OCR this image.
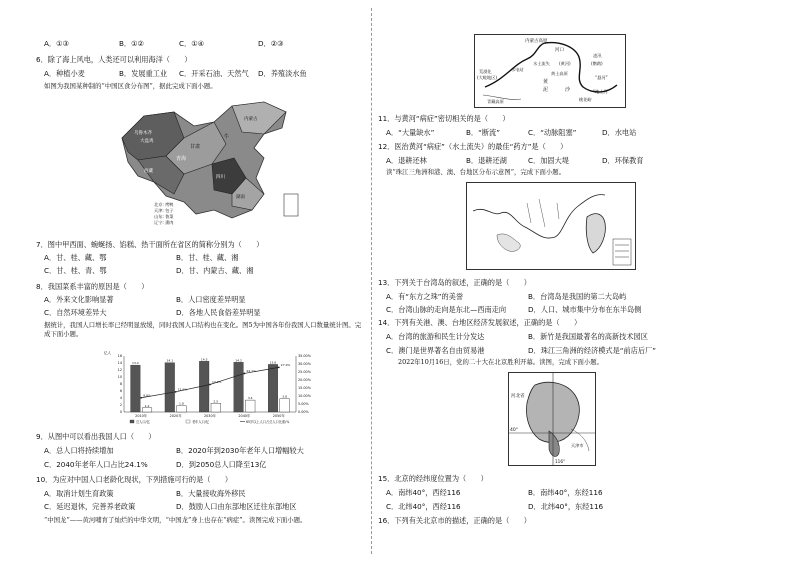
A．①③	B．①②	C．①④	D．②③
6．除了海上风电，人类还可以利用海洋（　　）
A．种植小麦	B．发展重工业 C．开采石油、天然气 D．养殖淡水鱼
如图为我国某种制的“中国区食分布图”，据此完成下面小题。
乌鲁木齐
大盘鸡
甘肃
牛
青海
西藏
四川
湖南
内蒙古
北京: 烤鸭
天津: 包子
山东: 鲁菜
辽宁: 熏肉
7．图中甲西面、蜿蜒扬、馅糕、热干面所在省区的简称分别为（　　）
A．甘、桂、藏、鄂	B．甘、桂、藏、湘
C．甘、桂、青、鄂	D．甘、内蒙古、藏、湘
8．我国菜系丰富的原因是（　　）
A．外来文化影响显著	B．人口密度差异明显
C．自然环境差异大	D．各地人民食俗差异明显
据统计，我国人口增长率已经明显放缓，同时我国人口结构也在变化。图5为中国各年份我国人口数量统计图。完成下面小题。
亿人
0
2
4
6
8
10
12
14
16
0.00%
5.00%
10.00%
15.00%
20.00%
25.00%
30.00%
35.00%
13.4
1.2
2010年
14.1
1.8
2020年
14.5
2.5
2030年
14.2
3.4
2040年
13.6
3.8
2050年
8.9%
12.6%
17.2%
24.1%
27.9%
总人口/亿	老年人口/亿	65岁以上人口占总人口比重/%
9．从图中可以看出我国人口（　　）
A．总人口将持续增加	B．2020年到2030年老年人口增幅较大
C．2040年老年人口占比24.1%	D．到2050总人口降至13亿
10．为应对中国人口老龄化现状，下列措施可行的是（　　）
A．取消计划生育政策	B．大量接收海外移民
C．延迟退休，完善养老政策	D．鼓励人口由东部地区迁往东部地区
“中国龙”——黄河哺育了灿烂的中华文明，“中国龙”身上也存在“病症”。读图完成下面小题。
内蒙古高原
河口
水土流失 (黄河)
黄土高原
桃花峪
“悬河”
“地上河”
荒漠化
(大畦地区)
青藏高原
水电站
黄
泥	沙
凌汛
(鹦鹉)
11．与黄河“病症”密切相关的是（　　）
A．“大量缺水”	B．“断流”	C．“动脉阻塞”	D．水电站
12．医治黄河“病症”（水土流失）的最佳“药方”是（　　）
A．退耕还林	B．退耕还湖	C．加固大堤	D．环保教育
读“珠江三角洲和港、澳、台地区分布示意图”，完成下面小题。
13．下列关于台湾岛的叙述，正确的是（　　）
A．有“东方之珠”的美誉	B．台湾岛是我国的第二大岛屿
C．台湾山脉的走向是东北—西南走向	D．人口、城市集中分布在东半岛侧
14．下列有关港、澳、台地区经济发展叙述，正确的是（　　）
A．台湾的旅游和民生计分发达	B．新竹是我国最著名的高新技术园区
C．澳门是世界著名自由贸易港	D．珠江三角洲的经济模式是“前店后厂”
2022年10月16日，党的二十大在北京胜利开幕。读图，完成下面小题。
河北省
40°
天津市
116°
15．北京的经纬度位置为（　　）
A．南纬40°，西经116	B．南纬40°，东经116
C．北纬40°，西经116	D．北纬40°，东经116
16．下列有关北京市的描述，正确的是（　　）
